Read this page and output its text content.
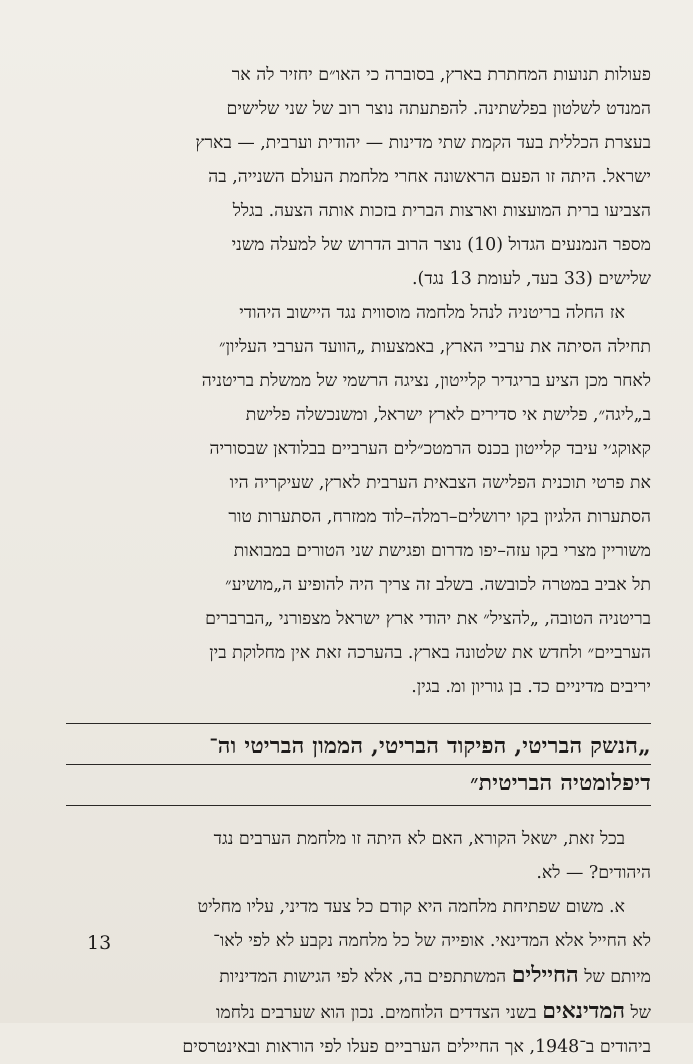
פעולות תנועות המחתרת בארץ, בסוברה כי האו״ם יחזיר לה אר

המנדט לשלטון בפלשתינה. להפתעתה נוצר רוב של שני שלישים

בעצרת הכללית בעד הקמת שתי מדינות — יהודית וערבית, — בארץ

ישראל. היתה זו הפעם הראשונה אחרי מלחמת העולם השנייה, בה

הצביעו ברית המועצות וארצות הברית בזכות אותה הצעה. בגלל

מספר הנמנעים הגדול (10) נוצר הרוב הדרוש של למעלה משני

שלישים (33 בעד, לעומת 13 נגד).

אז החלה בריטניה לנהל מלחמה מוסווית נגד היישוב היהודי

תחילה הסיתה את ערביי הארץ, באמצעות „הוועד הערבי העליון״

לאחר מכן הציע בריגדיר קלייטון, נציגה הרשמי של ממשלת בריטניה

ב„ליגה״, פלישת אי סדירים לארץ ישראל, ומשנכשלה פלישת

קאוקג׳י עיבד קלייטון בכנס הרמטכ״לים הערביים בבלודאן שבסוריה

את פרטי תוכנית הפלישה הצבאית הערבית לארץ, שעיקריה היו

הסתערות הלגיון בקו ירושלים–רמלה–לוד ממזרח, הסתערות טור

משוריין מצרי בקו עזה–יפו מדרום ופגישת שני הטורים במבואות

תל אביב במטרה לכובשה. בשלב זה צריך היה להופיע ה„מושיע״

בריטניה הטובה, „להציל״ את יהודי ארץ ישראל מצפורני „הברברים

הערביים״ ולחדש את שלטונה בארץ. בהערכה זאת אין מחלוקת בין

יריבים מדיניים כד. בן גוריון ומ. בגין.

„הנשק הבריטי, הפיקוד הבריטי, הממון הבריטי וה־
דיפלומטיה הבריטית״

בכל זאת, ישאל הקורא, האם לא היתה זו מלחמת הערבים נגד

היהודים? — לא.

א. משום שפתיחת מלחמה היא קודם כל צעד מדיני, עליו מחליט

לא החייל אלא המדינאי. אופייה של כל מלחמה נקבע לא לפי לאו־

מיותם של החיילים המשתתפים בה, אלא לפי הגישות המדיניות

של המדינאים בשני הצדדים הלוחמים. נכון הוא שערבים נלחמו

ביהודים ב־1948, אך החיילים הערביים פעלו לפי הוראות ובאינטרסים

13
